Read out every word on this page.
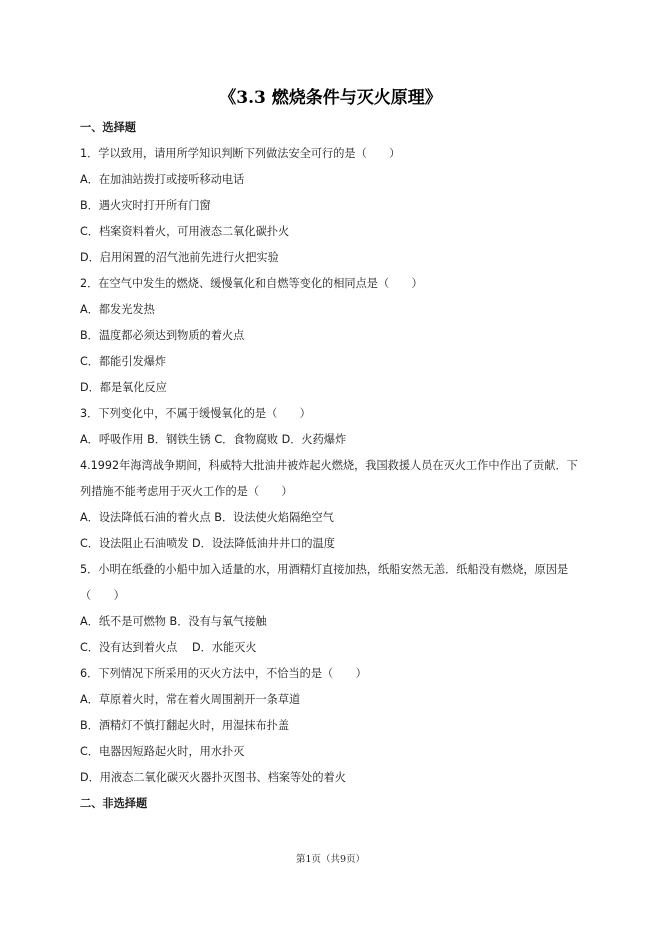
《3.3 燃烧条件与灭火原理》
一、选择题
1．学以致用，请用所学知识判断下列做法安全可行的是（　　）
A．在加油站拨打或接听移动电话
B．遇火灾时打开所有门窗
C．档案资料着火，可用液态二氧化碳扑火
D．启用闲置的沼气池前先进行火把实验
2．在空气中发生的燃烧、缓慢氧化和自燃等变化的相同点是（　　）
A．都发光发热
B．温度都必须达到物质的着火点
C．都能引发爆炸
D．都是氧化反应
3．下列变化中，不属于缓慢氧化的是（　　）
A．呼吸作用 B．钢铁生锈 C．食物腐败 D．火药爆炸
4.1992年海湾战争期间，科威特大批油井被炸起火燃烧，我国救援人员在灭火工作中作出了贡献．下
列措施不能考虑用于灭火工作的是（　　）
A．设法降低石油的着火点 B．设法使火焰隔绝空气
C．设法阻止石油喷发 D．设法降低油井井口的温度
5．小明在纸叠的小船中加入适量的水，用酒精灯直接加热，纸船安然无恙．纸船没有燃烧，原因是
（　　）
A．纸不是可燃物 B．没有与氧气接触
C．没有达到着火点　 D．水能灭火
6．下列情况下所采用的灭火方法中，不恰当的是（　　）
A．草原着火时，常在着火周围割开一条草道
B．酒精灯不慎打翻起火时，用湿抹布扑盖
C．电器因短路起火时，用水扑灭
D．用液态二氧化碳灭火器扑灭图书、档案等处的着火
二、非选择题
第1页（共9页）
